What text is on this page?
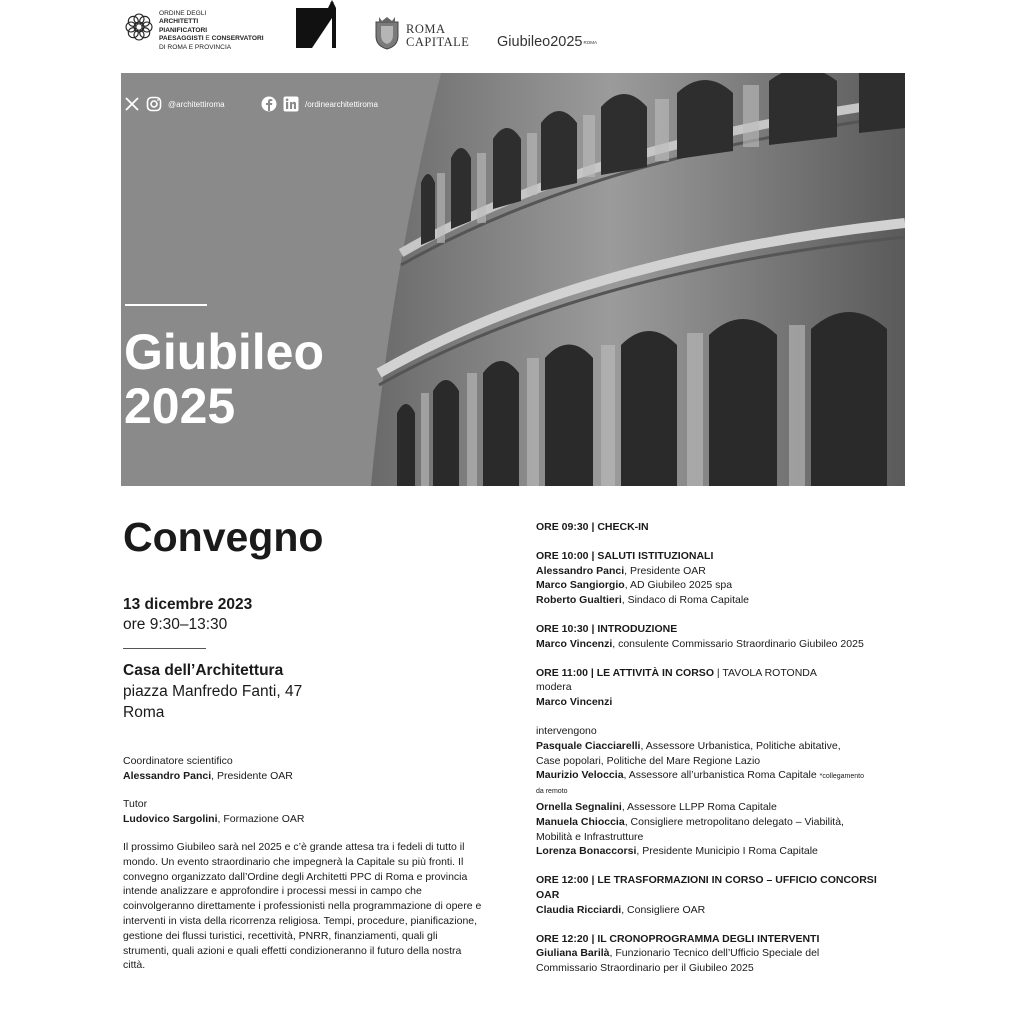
ORDINE DEGLI
ARCHITETTI
PIANIFICATORI
PAESAGGISTI E CONSERVATORI
DI ROMA E PROVINCIA
ROMA
CAPITALE $Giubileo2025^{ROMA}$
@architettiroma	/ordinearchitettiroma
Giubileo
2025
Convegno
13 dicembre 2023
ore 9:30–13:30
Casa dell’Architettura
piazza Manfredo Fanti, 47
Roma
Coordinatore scientifico
Alessandro Panci, Presidente OAR
Tutor
Ludovico Sargolini, Formazione OAR
Il prossimo Giubileo sarà nel 2025 e c’è grande attesa tra i fedeli di tutto il mondo. Un evento straordinario che impegnerà la Capitale su più fronti. Il convegno organizzato dall’Ordine degli Architetti PPC di Roma e provincia intende analizzare e approfondire i processi messi in campo che coinvolgeranno direttamente i professionisti nella programmazione di opere e interventi in vista della ricorrenza religiosa. Tempi, procedure, pianificazione, gestione dei flussi turistici, recettività, PNRR, finanziamenti, quali gli strumenti, quali azioni e quali effetti condizioneranno il futuro della nostra città.
ORE 09:30 | CHECK-IN
ORE 10:00 | SALUTI ISTITUZIONALI
Alessandro Panci, Presidente OAR
Marco Sangiorgio, AD Giubileo 2025 spa
Roberto Gualtieri, Sindaco di Roma Capitale
ORE 10:30 | INTRODUZIONE
Marco Vincenzi, consulente Commissario Straordinario Giubileo 2025
ORE 11:00 | LE ATTIVITÀ IN CORSO | TAVOLA ROTONDA
modera
Marco Vincenzi
intervengono
Pasquale Ciacciarelli, Assessore Urbanistica, Politiche abitative,
Case popolari, Politiche del Mare Regione Lazio
Maurizio Veloccia, Assessore all’urbanistica Roma Capitale *collegamento
da remoto
Ornella Segnalini, Assessore LLPP Roma Capitale
Manuela Chioccia, Consigliere metropolitano delegato – Viabilità,
Mobilità e Infrastrutture
Lorenza Bonaccorsi, Presidente Municipio I Roma Capitale
ORE 12:00 | LE TRASFORMAZIONI IN CORSO – UFFICIO CONCORSI
OAR
Claudia Ricciardi, Consigliere OAR
ORE 12:20 | IL CRONOPROGRAMMA DEGLI INTERVENTI
Giuliana Barilà, Funzionario Tecnico dell’Ufficio Speciale del
Commissario Straordinario per il Giubileo 2025
